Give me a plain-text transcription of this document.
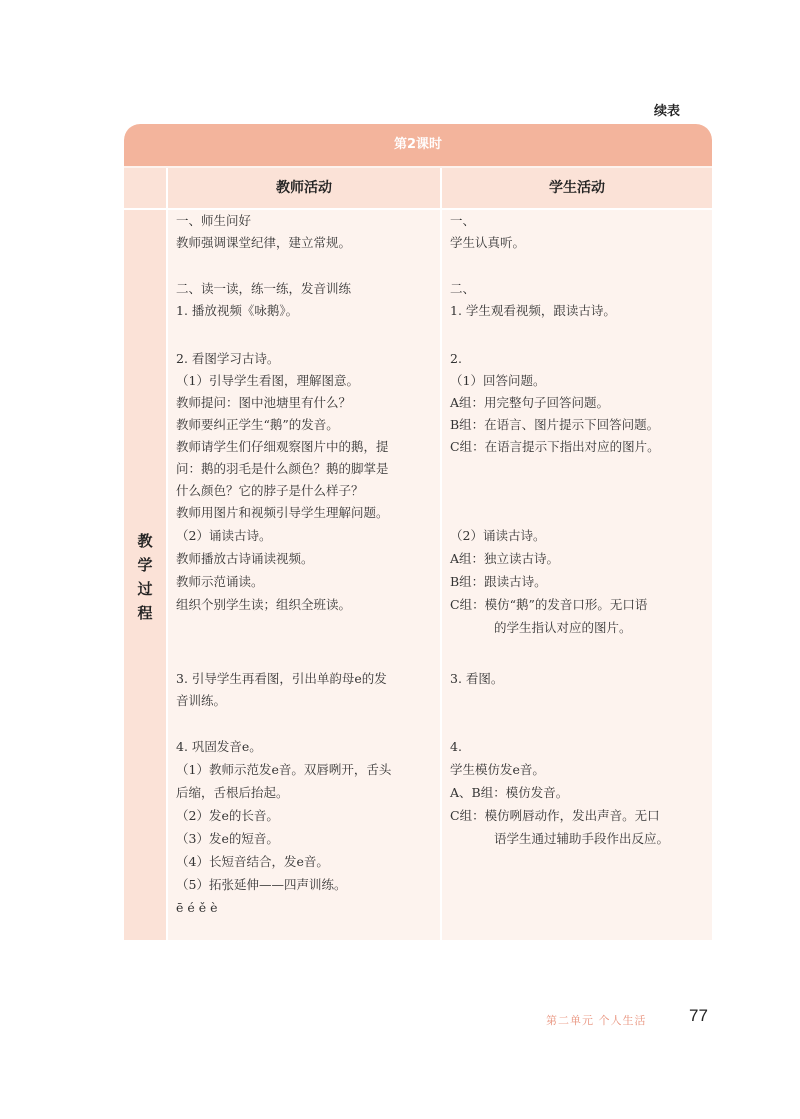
续表
第2课时
教师活动	学生活动
教
学
过
程
一、师生问好
教师强调课堂纪律，建立常规。
二、读一读，练一练，发音训练
1. 播放视频《咏鹅》。
2. 看图学习古诗。
（1）引导学生看图，理解图意。
教师提问：图中池塘里有什么？
教师要纠正学生“鹅”的发音。
教师请学生们仔细观察图片中的鹅，提
问：鹅的羽毛是什么颜色？鹅的脚掌是
什么颜色？它的脖子是什么样子？
教师用图片和视频引导学生理解问题。
（2）诵读古诗。
教师播放古诗诵读视频。
教师示范诵读。
组织个别学生读；组织全班读。
3. 引导学生再看图，引出单韵母e的发
音训练。
4. 巩固发音e。
（1）教师示范发e音。双唇咧开，舌头
后缩，舌根后抬起。
（2）发e的长音。
（3）发e的短音。
（4）长短音结合，发e音。
（5）拓张延伸——四声训练。
ē é ě è
一、
学生认真听。
二、
1. 学生观看视频，跟读古诗。
2.
（1）回答问题。
A组：用完整句子回答问题。
B组：在语言、图片提示下回答问题。
C组：在语言提示下指出对应的图片。
（2）诵读古诗。
A组：独立读古诗。
B组：跟读古诗。
C组：模仿“鹅”的发音口形。无口语
的学生指认对应的图片。
3. 看图。
4.
学生模仿发e音。
A、B组：模仿发音。
C组：模仿咧唇动作，发出声音。无口
语学生通过辅助手段作出反应。
第二单元 个人生活	77
